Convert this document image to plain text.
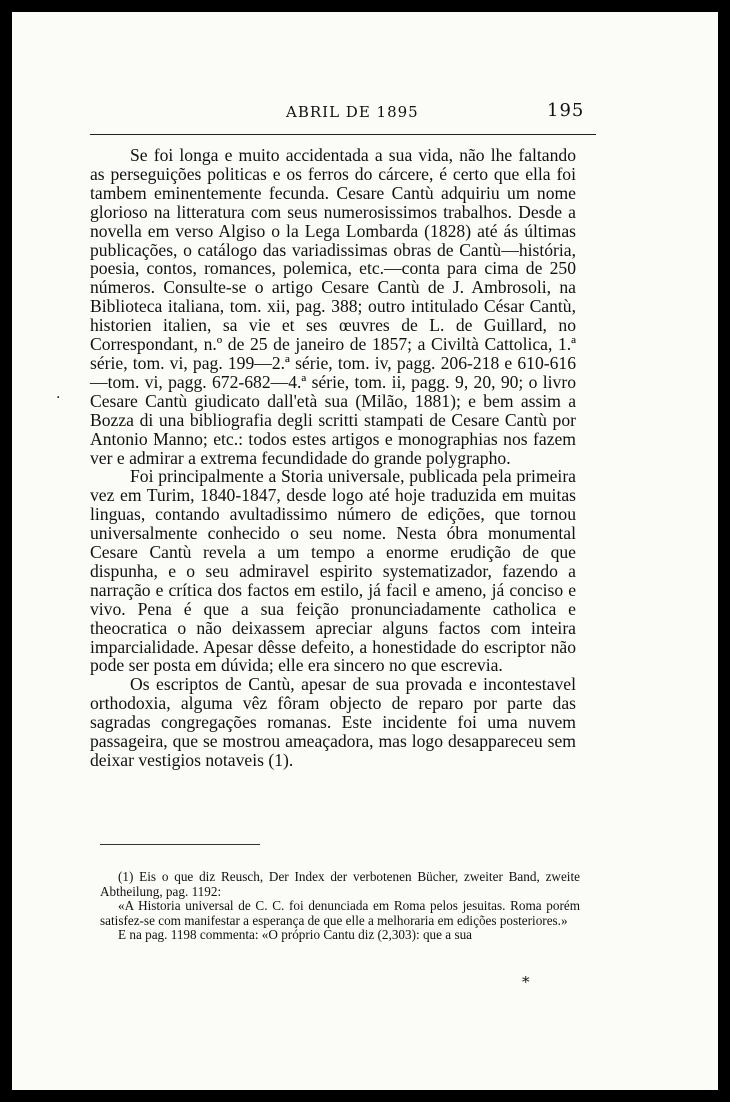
ABRIL DE 1895	195
·

Se foi longa e muito accidentada a sua vida, não lhe faltando as perseguições politicas e os ferros do cárcere, é certo que ella foi tambem eminentemente fecunda. Cesare Cantù adquiriu um nome glorioso na litteratura com seus numerosissimos trabalhos. Desde a novella em verso Algiso o la Lega Lombarda (1828) até ás últimas publicações, o catálogo das variadissimas obras de Cantù—história, poesia, contos, romances, polemica, etc.—conta para cima de 250 números. Consulte-se o artigo Cesare Cantù de J. Ambrosoli, na Biblioteca italiana, tom. xii, pag. 388; outro intitulado César Cantù, historien italien, sa vie et ses œuvres de L. de Guillard, no Correspondant, n.º de 25 de janeiro de 1857; a Civiltà Cattolica, 1.ª série, tom. vi, pag. 199—2.ª série, tom. iv, pagg. 206-218 e 610-616—tom. vi, pagg. 672-682—4.ª série, tom. ii, pagg. 9, 20, 90; o livro Cesare Cantù giudicato dall'età sua (Milão, 1881); e bem assim a Bozza di una bibliografia degli scritti stampati de Cesare Cantù por Antonio Manno; etc.: todos estes artigos e monographias nos fazem ver e admirar a extrema fecundidade do grande polygrapho.

Foi principalmente a Storia universale, publicada pela primeira vez em Turim, 1840-1847, desde logo até hoje traduzida em muitas linguas, contando avultadissimo número de edições, que tornou universalmente conhecido o seu nome. Nesta óbra monumental Cesare Cantù revela a um tempo a enorme erudição de que dispunha, e o seu admiravel espirito systematizador, fazendo a narração e crítica dos factos em estilo, já facil e ameno, já conciso e vivo. Pena é que a sua feição pronunciadamente catholica e theocratica o não deixassem apreciar alguns factos com inteira imparcialidade. Apesar dêsse defeito, a honestidade do escriptor não pode ser posta em dúvida; elle era sincero no que escrevia.

Os escriptos de Cantù, apesar de sua provada e incontestavel orthodoxia, alguma vêz fôram objecto de reparo por parte das sagradas congregações romanas. Este incidente foi uma nuvem passageira, que se mostrou ameaçadora, mas logo desappareceu sem deixar vestigios notaveis (1).

(1) Eis o que diz Reusch, Der Index der verbotenen Bücher, zweiter Band, zweite Abtheilung, pag. 1192:

«A Historia universal de C. C. foi denunciada em Roma pelos jesuitas. Roma porém satisfez-se com manifestar a esperança de que elle a melhoraria em edições posteriores.»

E na pag. 1198 commenta: «O próprio Cantu diz (2,303): que a sua

*
